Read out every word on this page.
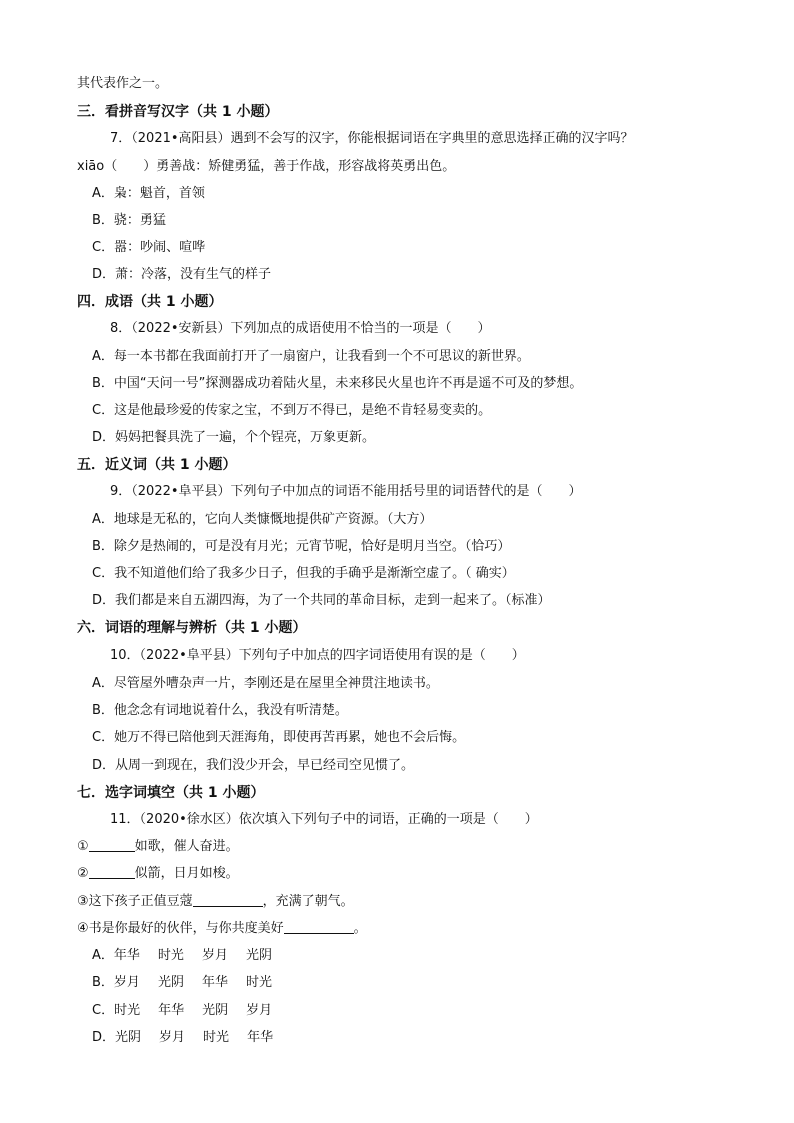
其代表作之一。
三．看拼音写汉字（共 1 小题）
7．（2021•高阳县）遇到不会写的汉字，你能根据词语在字典里的意思选择正确的汉字吗？
xiāo（　　）勇善战：矫健勇猛，善于作战，形容战将英勇出色。
A．枭：魁首，首领
B．骁：勇猛
C．嚣：吵闹、喧哗
D．萧：冷落，没有生气的样子
四．成语（共 1 小题）
8．（2022•安新县）下列加点的成语使用不恰当的一项是（　　）
A．每一本书都在我面前打开了一扇窗户，让我看到一个不可思议的新世界。
B．中国“天问一号”探测器成功着陆火星，未来移民火星也许不再是遥不可及的梦想。
C．这是他最珍爱的传家之宝，不到万不得已，是绝不肯轻易变卖的。
D．妈妈把餐具洗了一遍，个个锃亮，万象更新。
五．近义词（共 1 小题）
9．（2022•阜平县）下列句子中加点的词语不能用括号里的词语替代的是（　　）
A．地球是无私的，它向人类慷慨地提供矿产资源。（大方）
B．除夕是热闹的，可是没有月光；元宵节呢，恰好是明月当空。（恰巧）
C．我不知道他们给了我多少日子，但我的手确乎是渐渐空虚了。（ 确实）
D．我们都是来自五湖四海，为了一个共同的革命目标，走到一起来了。（标准）
六．词语的理解与辨析（共 1 小题）
10．（2022•阜平县）下列句子中加点的四字词语使用有误的是（　　）
A．尽管屋外嘈杂声一片，李刚还是在屋里全神贯注地读书。
B．他念念有词地说着什么，我没有听清楚。
C．她万不得已陪他到天涯海角，即使再苦再累，她也不会后悔。
D．从周一到现在，我们没少开会，早已经司空见惯了。
七．选字词填空（共 1 小题）
11．（2020•徐水区）依次填入下列句子中的词语，正确的一项是（　　）
①	如歌，催人奋进。
②	似箭，日月如梭。
③这下孩子正值豆蔻	，充满了朝气。
④书是你最好的伙伴，与你共度美好	。
A．年华 时光 岁月 光阴
B．岁月 光阴 年华 时光
C．时光 年华 光阴 岁月
D．光阴 岁月 时光 年华
